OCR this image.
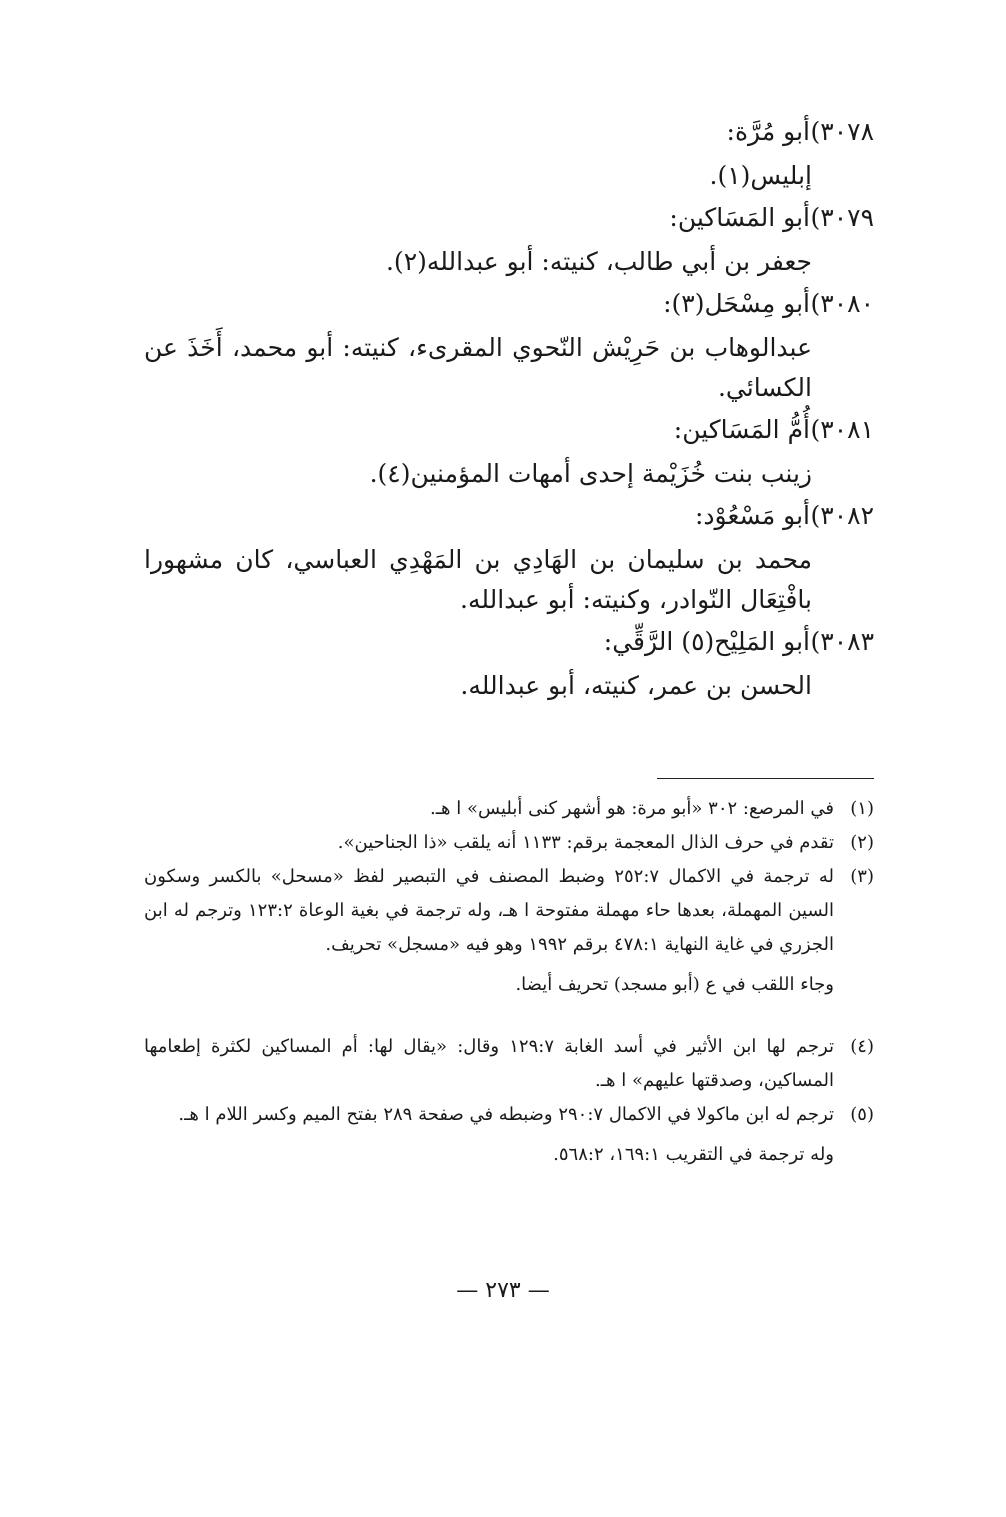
٣٠٧٨)
أبو مُرَّة:
إبليس(١).
٣٠٧٩)
أبو المَسَاكين:
جعفر بن أبي طالب، كنيته: أبو عبدالله(٢).
٣٠٨٠)
أبو مِسْحَل(٣):
عبدالوهاب بن حَرِيْش النّحوي المقرىء، كنيته: أبو محمد، أَخَذَ عن الكسائي.
٣٠٨١)
أُمُّ المَسَاكين:
زينب بنت خُزَيْمة إحدى أمهات المؤمنين(٤).
٣٠٨٢)
أبو مَسْعُوْد:
محمد بن سليمان بن الهَادِي بن المَهْدِي العباسي، كان مشهورا بافْتِعَال النّوادر، وكنيته: أبو عبدالله.
٣٠٨٣)
أبو المَلِيْح(٥) الرَّقِّي:
الحسن بن عمر، كنيته، أبو عبدالله.
(١)
في المرصع: ٣٠٢ «أبو مرة: هو أشهر كنى أبليس» ا هـ.
(٢)
تقدم في حرف الذال المعجمة برقم: ١١٣٣ أنه يلقب «ذا الجناحين».
(٣)
له ترجمة في الاكمال ٢٥٢:٧ وضبط المصنف في التبصير لفظ «مسحل» بالكسر وسكون السين المهملة، بعدها حاء مهملة مفتوحة ا هـ، وله ترجمة في بغية الوعاة ١٢٣:٢ وترجم له ابن الجزري في غاية النهاية ٤٧٨:١ برقم ١٩٩٢ وهو فيه «مسجل» تحريف.
وجاء اللقب في ع (أبو مسجد) تحريف أيضا.
(٤)
ترجم لها ابن الأثير في أسد الغابة ١٢٩:٧ وقال: «يقال لها: أم المساكين لكثرة إطعامها المساكين، وصدقتها عليهم» ا هـ.
(٥)
ترجم له ابن ماكولا في الاكمال ٢٩٠:٧ وضبطه في صفحة ٢٨٩ بفتح الميم وكسر اللام ا هـ.
وله ترجمة في التقريب ١٦٩:١، ٥٦٨:٢.
— ٢٧٣ —
